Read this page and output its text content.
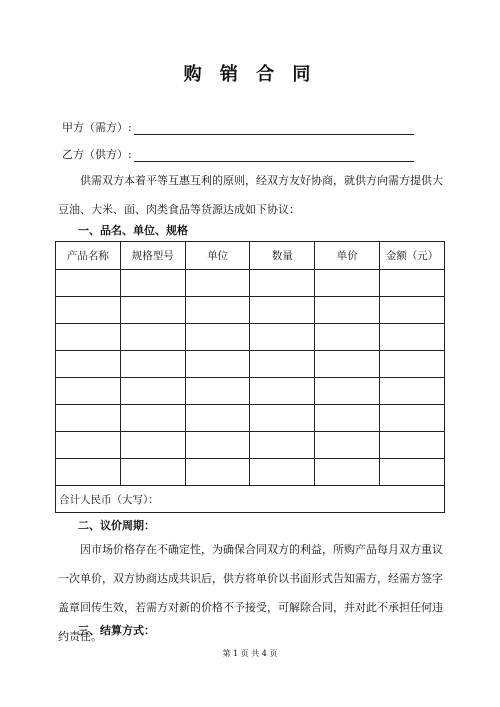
购 销 合 同
甲方（需方）:
乙方（供方）:
供需双方本着平等互惠互利的原则，经双方友好协商，就供方向需方提供大豆油、大米、面、肉类食品等货源达成如下协议：
一、品名、单位、规格
产品名称	规格型号	单位	数量	单价	金额（元）

合计人民币（大写）：					
二、议价周期：
因市场价格存在不确定性，为确保合同双方的利益，所购产品每月双方重议一次单价，双方协商达成共识后，供方将单价以书面形式告知需方，经需方签字盖章回传生效，若需方对新的价格不予接受，可解除合同，并对此不承担任何违约责任。
三、结算方式：
第 1 页 共 4 页
